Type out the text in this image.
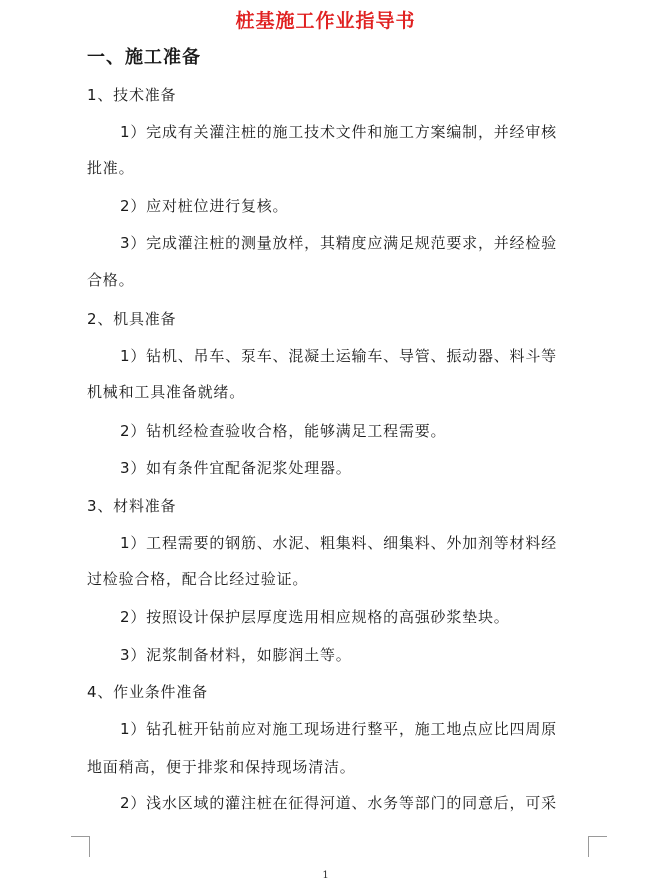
桩基施工作业指导书
一、施工准备
1、技术准备
1）完成有关灌注桩的施工技术文件和施工方案编制，并经审核
批准。
2）应对桩位进行复核。
3）完成灌注桩的测量放样，其精度应满足规范要求，并经检验
合格。
2、机具准备
1）钻机、吊车、泵车、混凝土运输车、导管、振动器、料斗等
机械和工具准备就绪。
2）钻机经检查验收合格，能够满足工程需要。
3）如有条件宜配备泥浆处理器。
3、材料准备
1）工程需要的钢筋、水泥、粗集料、细集料、外加剂等材料经
过检验合格，配合比经过验证。
2）按照设计保护层厚度选用相应规格的高强砂浆垫块。
3）泥浆制备材料，如膨润土等。
4、作业条件准备
1）钻孔桩开钻前应对施工现场进行整平，施工地点应比四周原
地面稍高，便于排浆和保持现场清洁。
2）浅水区域的灌注桩在征得河道、水务等部门的同意后，可采
1
